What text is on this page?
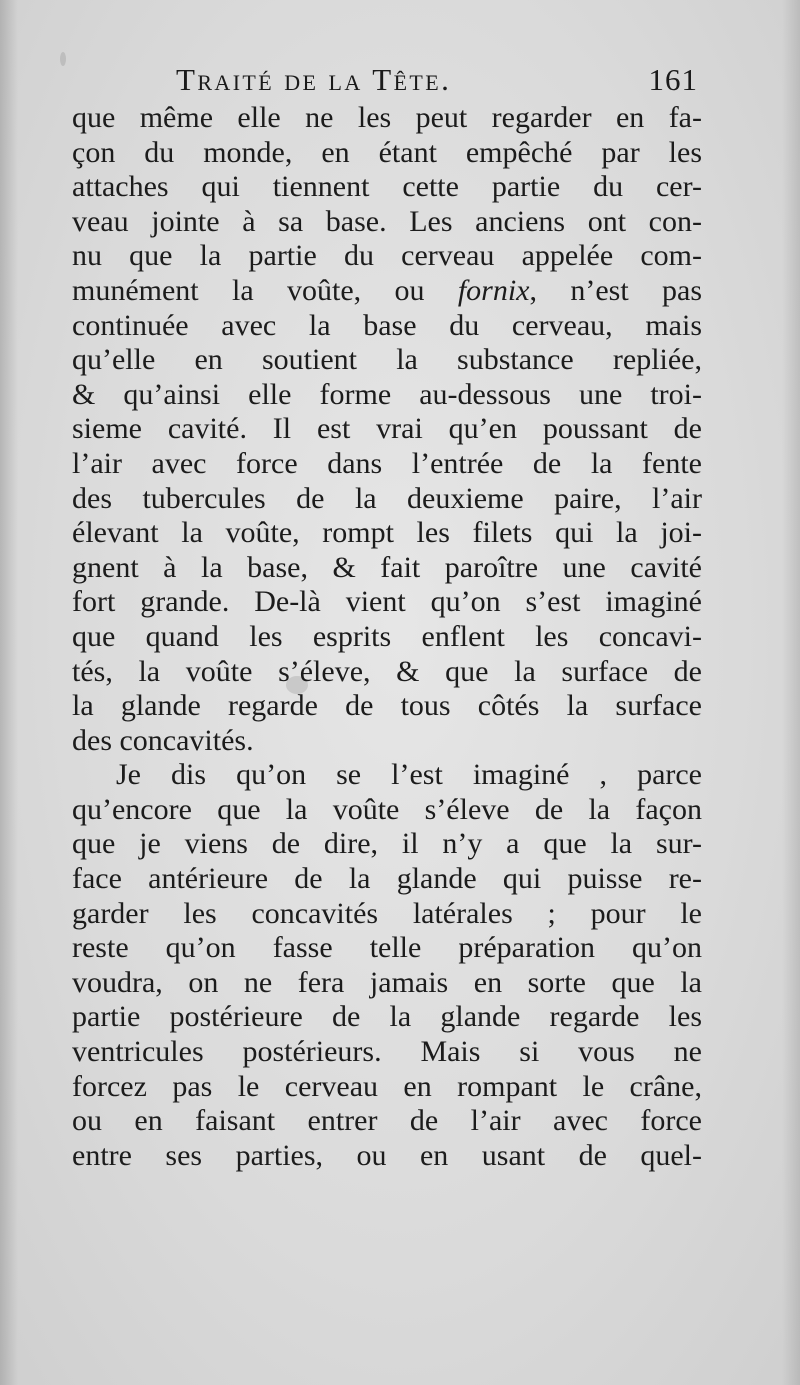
Traité de la Tête.	161
que même elle ne les peut regarder en fa-
çon du monde, en étant empêché par les
attaches qui tiennent cette partie du cer-
veau jointe à sa base. Les anciens ont con-
nu que la partie du cerveau appelée com-
munément la voûte, ou fornix, n’est pas
continuée avec la base du cerveau, mais
qu’elle en soutient la substance repliée,
& qu’ainsi elle forme au-dessous une troi-
sieme cavité. Il est vrai qu’en poussant de
l’air avec force dans l’entrée de la fente
des tubercules de la deuxieme paire, l’air
élevant la voûte, rompt les filets qui la joi-
gnent à la base, & fait paroître une cavité
fort grande. De-là vient qu’on s’est imaginé
que quand les esprits enflent les concavi-
tés, la voûte s’éleve, & que la surface de
la glande regarde de tous côtés la surface
des concavités.
Je dis qu’on se l’est imaginé , parce
qu’encore que la voûte s’éleve de la façon
que je viens de dire, il n’y a que la sur-
face antérieure de la glande qui puisse re-
garder les concavités latérales ; pour le
reste qu’on fasse telle préparation qu’on
voudra, on ne fera jamais en sorte que la
partie postérieure de la glande regarde les
ventricules postérieurs. Mais si vous ne
forcez pas le cerveau en rompant le crâne,
ou en faisant entrer de l’air avec force
entre ses parties, ou en usant de quel-
